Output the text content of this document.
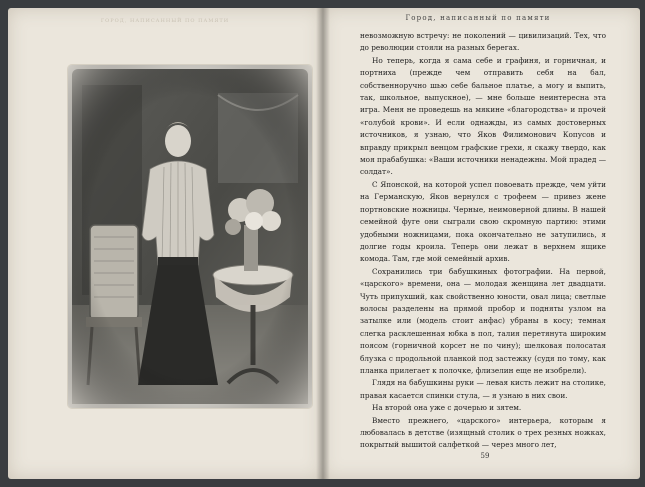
ГОРОД, НАПИСАННЫЙ ПО ПАМЯТИ	Город, написанный по памяти

невозможную встречу: не поколений — цивилизаций. Тех, что до революции стояли на разных берегах.

Но теперь, когда я сама себе и графиня, и горничная, и портниха (прежде чем отправить себя на бал, собственноручно шью себе бальное платье, а могу и выпить, так, школьное, выпускное), — мне больше неинтересна эта игра. Меня не проведешь на мякине «благородства» и прочей «голубой крови». И если однажды, из самых достоверных источников, я узнаю, что Яков Филимонович Копусов и вправду прикрыл венцом графские грехи, я скажу твердо, как моя прабабушка: «Ваши источники ненадежны. Мой прадед — солдат».

С Японской, на которой успел повоевать прежде, чем уйти на Германскую, Яков вернулся с трофеем — привез жене портновские ножницы. Черные, неимоверной длины. В нашей семейной фуге они сыграли свою скромную партию: этими удобными ножницами, пока окончательно не затупились, я долгие годы кроила. Теперь они лежат в верхнем ящике комода. Там, где мой семейный архив.

Сохранились три бабушкиных фотографии. На первой, «царского» времени, она — молодая женщина лет двадцати. Чуть припухший, как свойственно юности, овал лица; светлые волосы разделены на прямой пробор и подняты узлом на затылке или (модель стоит анфас) убраны в косу; темная слегка расклешенная юбка в пол, талия перетянута широким поясом (горничной корсет не по чину); шелковая полосатая блузка с продольной планкой под застежку (судя по тому, как планка прилегает к полочке, флизелин еще не изобрели).

Глядя на бабушкины руки — левая кисть лежит на столике, правая касается спинки стула, — я узнаю в них свои.

На второй она уже с дочерью и зятем.

Вместо прежнего, «царского» интерьера, которым я любовалась в детстве (изящный столик о трех резных ножках, покрытый вышитой салфеткой — через много лет,

59
